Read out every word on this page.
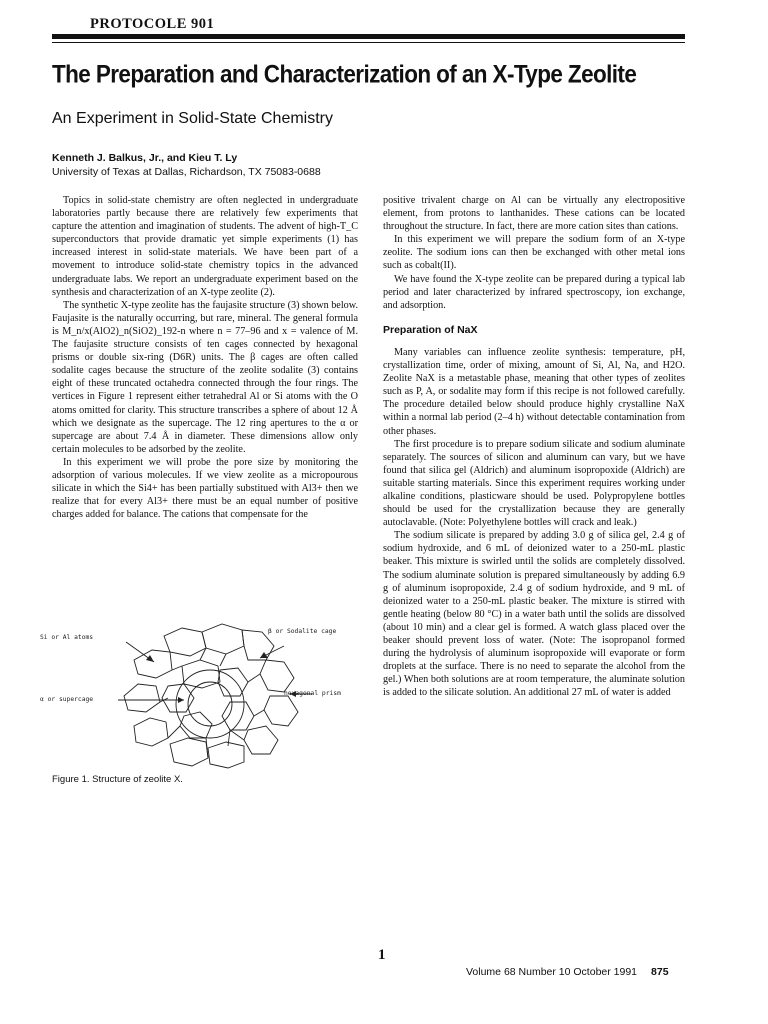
PROTOCOLE 901
The Preparation and Characterization of an X-Type Zeolite
An Experiment in Solid-State Chemistry
Kenneth J. Balkus, Jr., and Kieu T. Ly
University of Texas at Dallas, Richardson, TX 75083-0688

Topics in solid-state chemistry are often neglected in undergraduate laboratories partly because there are relatively few experiments that capture the attention and imagination of students. The advent of high-T_C superconductors that provide dramatic yet simple experiments (1) has increased interest in solid-state materials. We have been part of a movement to introduce solid-state chemistry topics in the advanced undergraduate labs. We report an undergraduate experiment based on the synthesis and characterization of an X-type zeolite (2).

The synthetic X-type zeolite has the faujasite structure (3) shown below. Faujasite is the naturally occurring, but rare, mineral. The general formula is M_n/x(AlO2)_n(SiO2)_192-n where n = 77–96 and x = valence of M. The faujasite structure consists of ten cages connected by hexagonal prisms or double six-ring (D6R) units. The β cages are often called sodalite cages because the structure of the zeolite sodalite (3) contains eight of these truncated octahedra connected through the four rings. The vertices in Figure 1 represent either tetrahedral Al or Si atoms with the O atoms omitted for clarity. This structure transcribes a sphere of about 12 Å which we designate as the supercage. The 12 ring apertures to the α or supercage are about 7.4 Å in diameter. These dimensions allow only certain molecules to be adsorbed by the zeolite.

In this experiment we will probe the pore size by monitoring the adsorption of various molecules. If we view zeolite as a micropourous silicate in which the Si4+ has been partially substitued with Al3+ then we realize that for every Al3+ there must be an equal number of positive charges added for balance. The cations that compensate for the

Si or Al atoms
β or Sodalite cage
hexagonal prism
α or supercage
Figure 1. Structure of zeolite X.

positive trivalent charge on Al can be virtually any electropositive element, from protons to lanthanides. These cations can be located throughout the structure. In fact, there are more cation sites than cations.

In this experiment we will prepare the sodium form of an X-type zeolite. The sodium ions can then be exchanged with other metal ions such as cobalt(II).

We have found the X-type zeolite can be prepared during a typical lab period and later characterized by infrared spectroscopy, ion exchange, and adsorption.

Preparation of NaX

Many variables can influence zeolite synthesis: temperature, pH, crystallization time, order of mixing, amount of Si, Al, Na, and H2O. Zeolite NaX is a metastable phase, meaning that other types of zeolites such as P, A, or sodalite may form if this recipe is not followed carefully. The procedure detailed below should produce highly crystalline NaX within a normal lab period (2–4 h) without detectable contamination from other phases.

The first procedure is to prepare sodium silicate and sodium aluminate separately. The sources of silicon and aluminum can vary, but we have found that silica gel (Aldrich) and aluminum isopropoxide (Aldrich) are suitable starting materials. Since this experiment requires working under alkaline conditions, plasticware should be used. Polypropylene bottles should be used for the crystallization because they are generally autoclavable. (Note: Polyethylene bottles will crack and leak.)

The sodium silicate is prepared by adding 3.0 g of silica gel, 2.4 g of sodium hydroxide, and 6 mL of deionized water to a 250-mL plastic beaker. This mixture is swirled until the solids are completely dissolved. The sodium aluminate solution is prepared simultaneously by adding 6.9 g of aluminum isopropoxide, 2.4 g of sodium hydroxide, and 9 mL of deionized water to a 250-mL plastic beaker. The mixture is stirred with gentle heating (below 80 °C) in a water bath until the solids are dissolved (about 10 min) and a clear gel is formed. A watch glass placed over the beaker should prevent loss of water. (Note: The isopropanol formed during the hydrolysis of aluminum isopropoxide will evaporate or form droplets at the surface. There is no need to separate the alcohol from the gel.) When both solutions are at room temperature, the aluminate solution is added to the silicate solution. An additional 27 mL of water is added

1
Volume 68 Number 10 October 1991 875
